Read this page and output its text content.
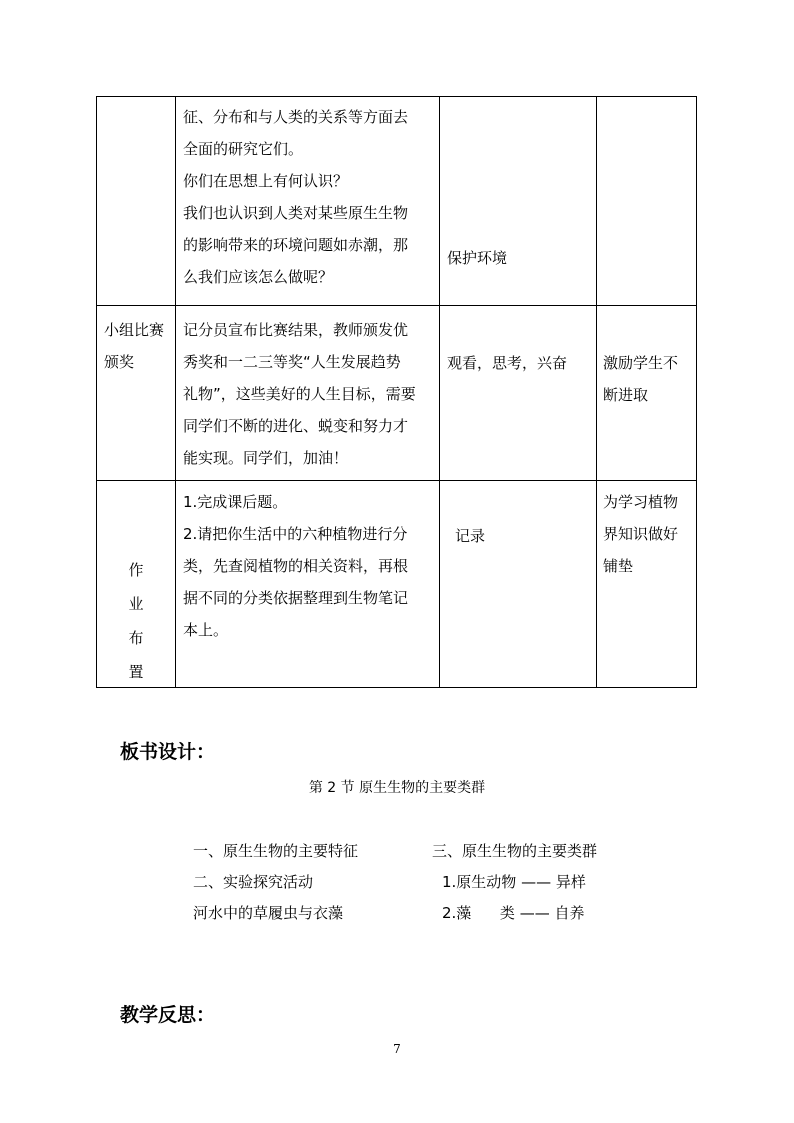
征、分布和与人类的关系等方面去
全面的研究它们。
你们在思想上有何认识？
我们也认识到人类对某些原生生物
的影响带来的环境问题如赤潮，那
么我们应该怎么做呢？
保护环境
小组比赛
颁奖
记分员宣布比赛结果，教师颁发优
秀奖和一二三等奖“人生发展趋势
礼物”，这些美好的人生目标，需要
同学们不断的进化、蜕变和努力才
能实现。同学们，加油！
观看，思考，兴奋 激励学生不
断进取
作
业
布
置
1.完成课后题。
2.请把你生活中的六种植物进行分
类，先查阅植物的相关资料，再根
据不同的分类依据整理到生物笔记
本上。
记录
为学习植物
界知识做好
铺垫
板书设计：
第 2 节 原生生物的主要类群
一、原生生物的主要特征
二、实验探究活动
河水中的草履虫与衣藻
三、原生生物的主要类群
1.原生动物 —— 异样
2.藻      类 —— 自养
教学反思：
7
